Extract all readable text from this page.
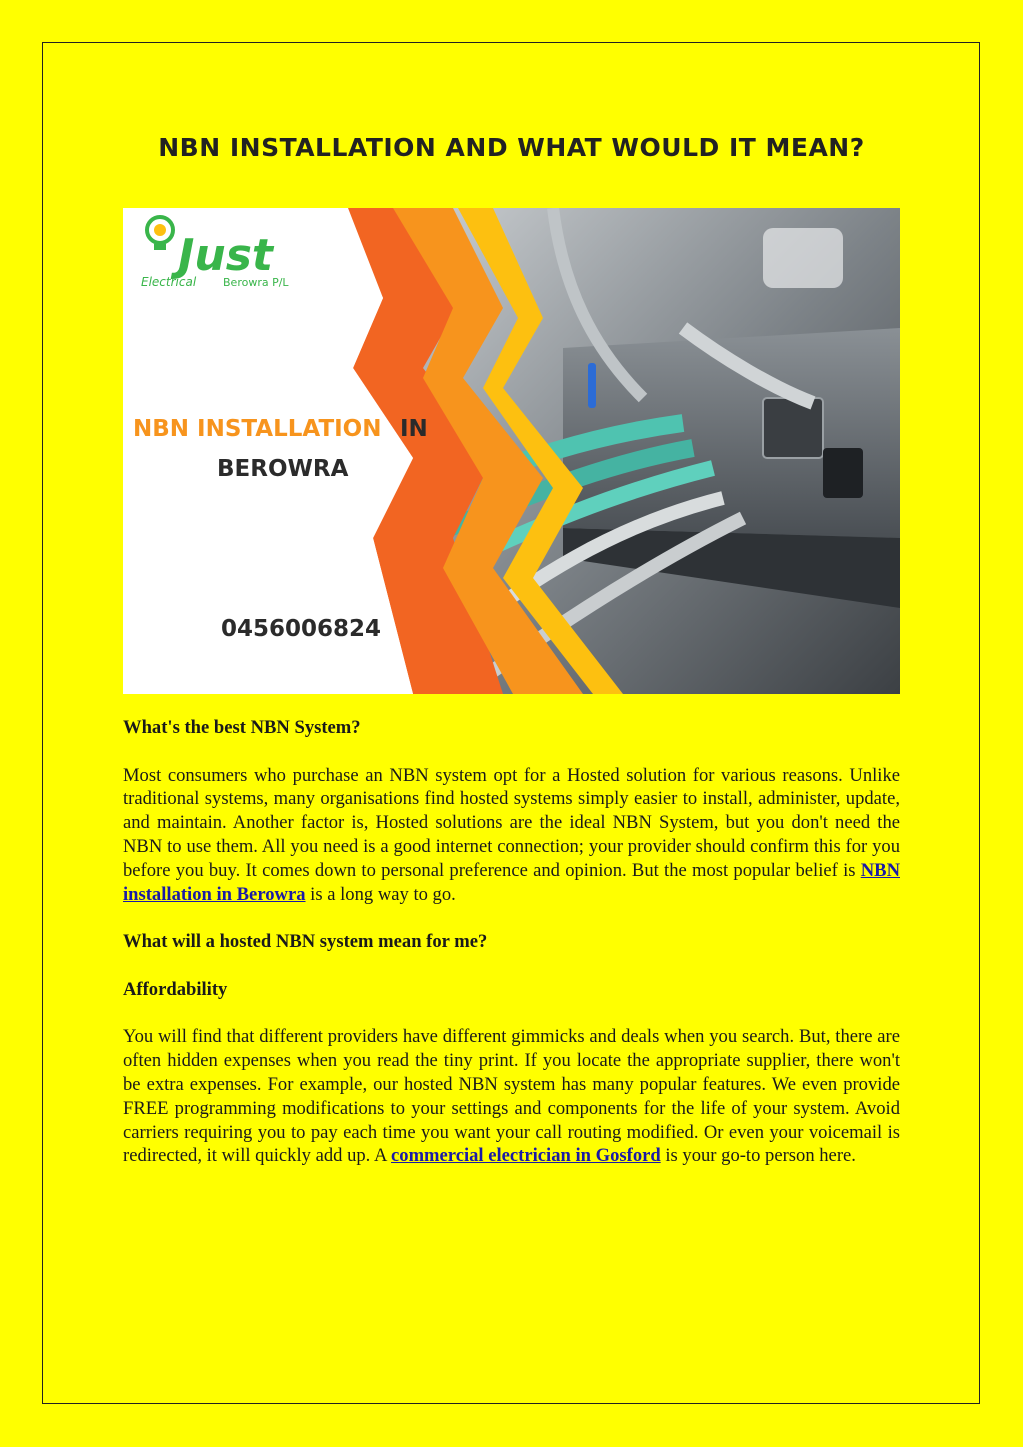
NBN INSTALLATION AND WHAT WOULD IT MEAN?
Just
Electrical Berowra P/L
NBN INSTALLATION IN
BEROWRA
0456006824
What's the best NBN System?

Most consumers who purchase an NBN system opt for a Hosted solution for various reasons. Unlike traditional systems, many organisations find hosted systems simply easier to install, administer, update, and maintain. Another factor is, Hosted solutions are the ideal NBN System, but you don't need the NBN to use them. All you need is a good internet connection; your provider should confirm this for you before you buy. It comes down to personal preference and opinion. But the most popular belief is NBN installation in Berowra is a long way to go.

What will a hosted NBN system mean for me?
Affordability

You will find that different providers have different gimmicks and deals when you search. But, there are often hidden expenses when you read the tiny print. If you locate the appropriate supplier, there won't be extra expenses. For example, our hosted NBN system has many popular features. We even provide FREE programming modifications to your settings and components for the life of your system. Avoid carriers requiring you to pay each time you want your call routing modified. Or even your voicemail is redirected, it will quickly add up. A commercial electrician in Gosford is your go-to person here.
